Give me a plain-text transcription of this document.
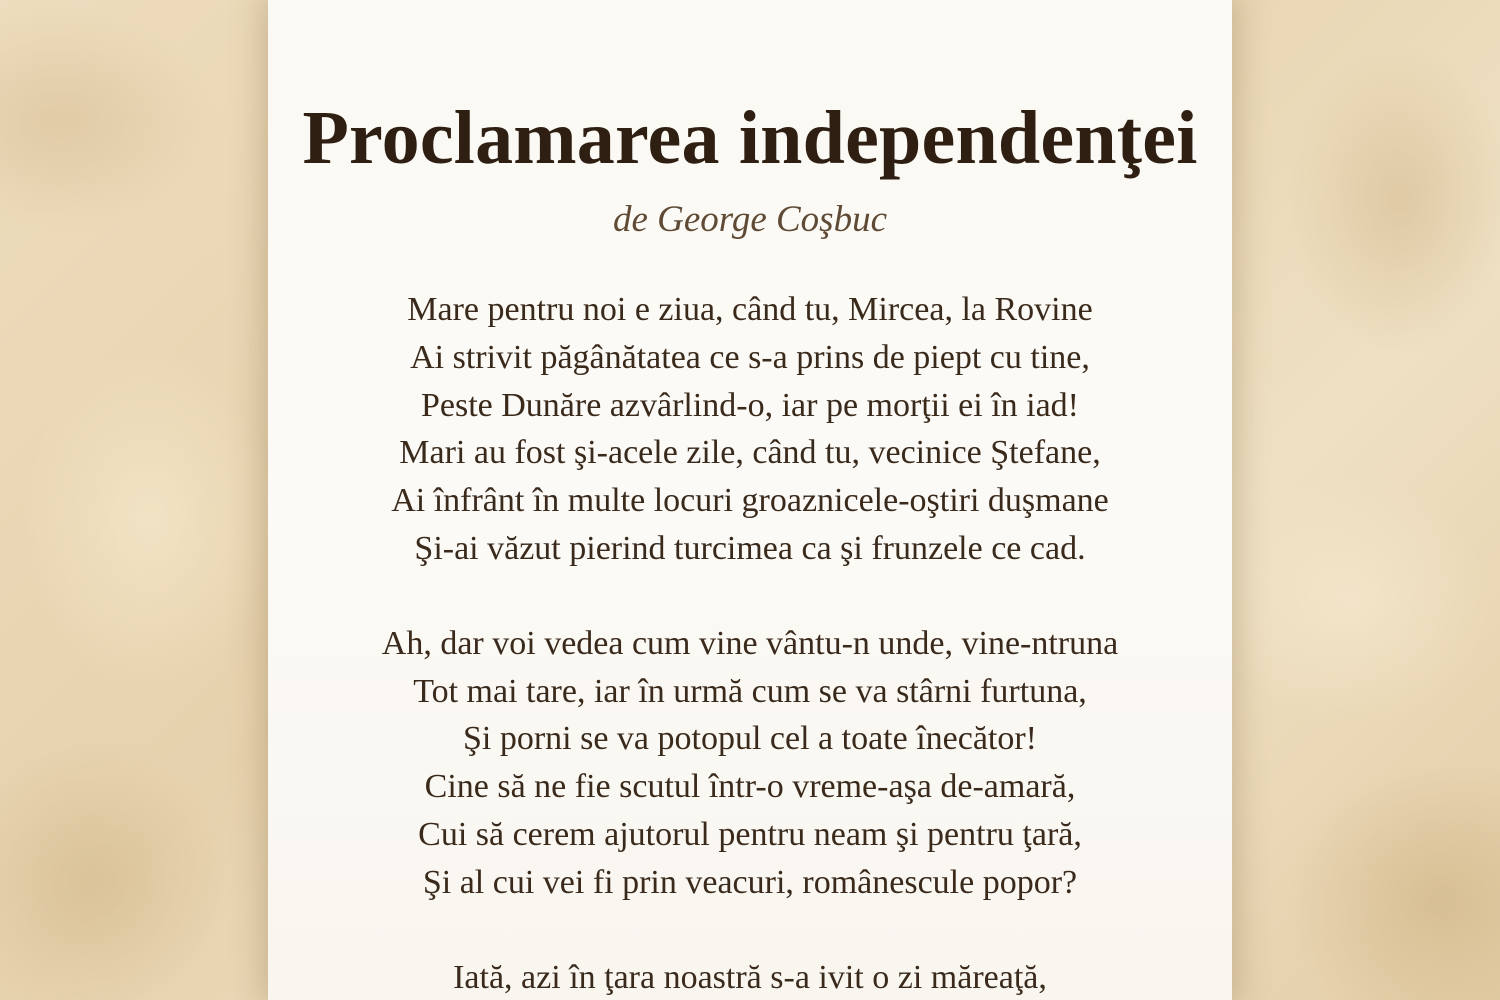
Proclamarea independenţei

de George Coşbuc

Mare pentru noi e ziua, când tu, Mircea, la Rovine
Ai strivit păgânătatea ce s-a prins de piept cu tine,
Peste Dunăre azvârlind-o, iar pe morţii ei în iad!
Mari au fost şi-acele zile, când tu, vecinice Ştefane,
Ai înfrânt în multe locuri groaznicele-oştiri duşmane
Şi-ai văzut pierind turcimea ca şi frunzele ce cad.
Ah, dar voi vedea cum vine vântu-n unde, vine-ntruna
Tot mai tare, iar în urmă cum se va stârni furtuna,
Şi porni se va potopul cel a toate înecător!
Cine să ne fie scutul într-o vreme-aşa de-amară,
Cui să cerem ajutorul pentru neam şi pentru ţară,
Şi al cui vei fi prin veacuri, românescule popor?
Iată, azi în ţara noastră s-a ivit o zi măreaţă,
